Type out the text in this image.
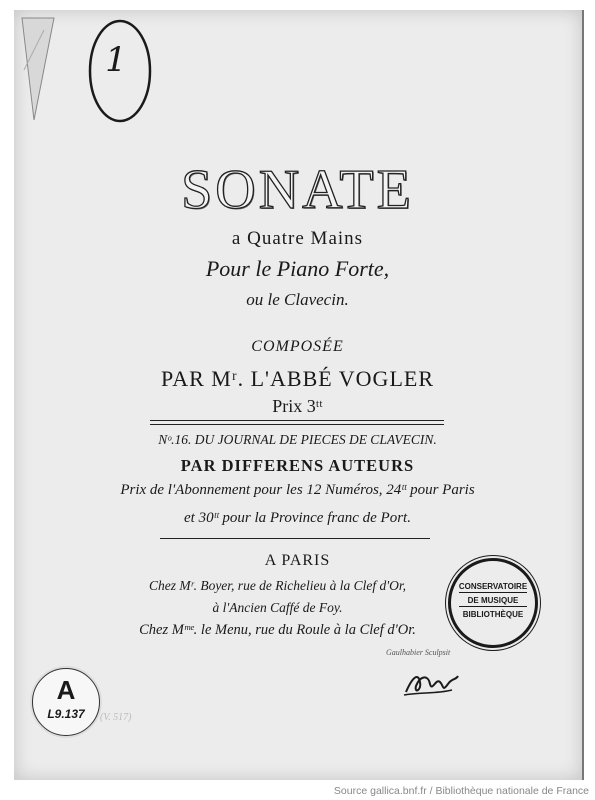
1
SONATE
a Quatre Mains
Pour le Piano Forte,
ou le Clavecin.
COMPOSÉE
PAR Mʳ. L'ABBÉ VOGLER
Prix 3ᵗᵗ
Nᵒ.16. DU JOURNAL DE PIECES DE CLAVECIN.
PAR DIFFERENS AUTEURS
Prix de l'Abonnement pour les 12 Numéros, 24ᵗᵗ pour Paris
et 30ᵗᵗ pour la Province franc de Port.
A PARIS
Chez Mʳ. Boyer, rue de Richelieu à la Clef d'Or,
à l'Ancien Caffé de Foy.
Chez Mᵐᵉ. le Menu, rue du Roule à la Clef d'Or.
CONSERVATOIRE
DE MUSIQUE
BIBLIOTHÈQUE
Gaulhabier Sculpsit
A
L9.137	(V. 517)
Source gallica.bnf.fr / Bibliothèque nationale de France
